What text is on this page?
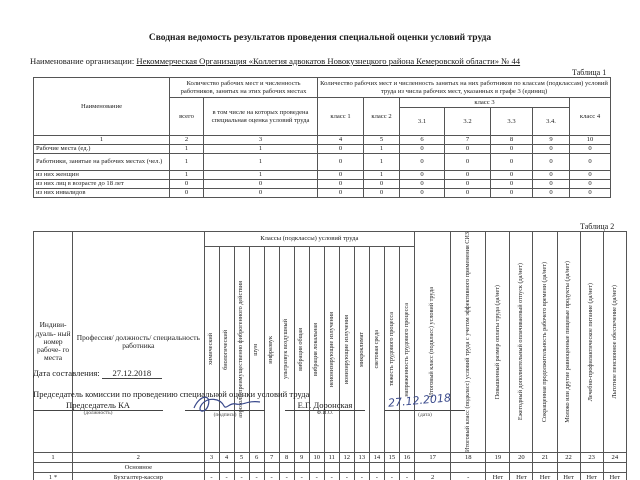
Сводная ведомость результатов проведения специальной оценки условий труда
Наименование организации: Некоммерческая Организация «Коллегия адвокатов Новокузнецкого района Кемеровской области» № 44
Таблица 1
Наименование	Количество рабочих мест и численность работников, занятых на этих рабочих местах		Количество рабочих мест и численность занятых на них работников по классам (подклассам) условий труда из числа рабочих мест, указанных в графе 3 (единиц)						
	всего	в том числе на которых проведена специальная оценка условий труда	класс 1	класс 2	класс 3				класс 4
					3.1	3.2	3.3	3.4.	
1	2	3	4	5	6	7	8	9	10
Рабочие места (ед.)	1	1	0	1	0	0	0	0	0
Работники, занятые на рабочих местах (чел.)	1	1	0	1	0	0	0	0	0
из них женщин	1	1	0	1	0	0	0	0	0
из них лиц в возрасте до 18 лет	0	0	0	0	0	0	0	0	0
из них инвалидов	0	0	0	0	0	0	0	0	0
Таблица 2
Индиви- дуаль- ный номер рабоче- го места	Профессия/ должность/ специальность работника	Классы (подклассы) условий труда														Итоговый класс (подкласс) условий труда	Итоговый класс (подкласс) условий труда с учетом эффективного применения СИЗ	Повышенный размер оплаты труда (да/нет)	Ежегодный дополнительный оплачиваемый отпуск (да/нет)	Сокращенная продолжительность рабочего времени (да/нет)	Молоко или другие равноценные пищевые продукты (да/нет)	Лечебно-профилактическое питание (да/нет)	Льготное пенсионное обеспечение (да/нет)

		химический	биологический	аэрозоли преимущественно фиброгенного действия	шум	инфразвук	ультразвук воздушный	вибрация общая	вибрация локальная	неионизирующие излучения	ионизирующие излучения	микроклимат	световая среда	тяжесть трудового процесса	напряженность трудового процесса								

1	2	3	4	5	6	7	8	9	10	11	12	13	14	15	16	17	18	19	20	21	22	23	24
	Основное																						
1 *	Бухгалтер-кассир	-	-	-	-	-	-	-	-	-	-	-	-	-	-	2	-	Нет	Нет	Нет	Нет	Нет	Нет
Дата составления: 27.12.2018
Председатель комиссии по проведению специальной оценки условий труда
Председатель КА
(должность)	(подпись)
Е.Г. Доронская
Ф.И.О.
27.12.2018
(дата)
